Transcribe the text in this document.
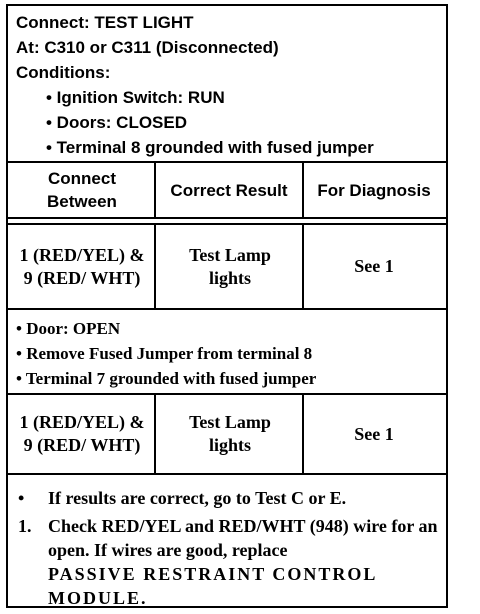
Connect: TEST LIGHT
At: C310 or C311 (Disconnected)
Conditions:
• Ignition Switch: RUN
• Doors: CLOSED
• Terminal 8 grounded with fused jumper
Connect Between
Correct Result	For Diagnosis
1 (RED/YEL) & 9 (RED/ WHT)
Test Lamp lights
See 1
• Door: OPEN
• Remove Fused Jumper from terminal 8
• Terminal 7 grounded with fused jumper
1 (RED/YEL) & 9 (RED/ WHT)
Test Lamp lights
See 1
•	If results are correct, go to Test C or E.
1. Check RED/YEL and RED/WHT (948) wire for an open. If wires are good, replace
PASSIVE RESTRAINT CONTROL MODULE.
